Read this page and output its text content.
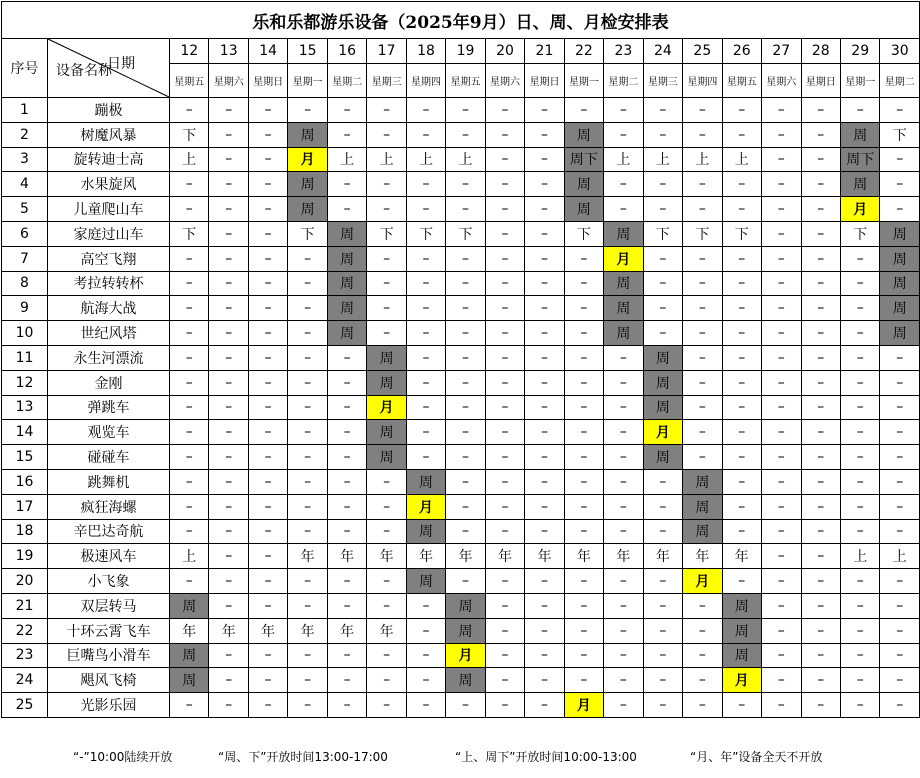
乐和乐都游乐设备（2025年9月）日、周、月检安排表																				
序号	日期
设备名称	12	13	14	15	16	17	18	19	20	21	22	23	24	25	26	27	28	29	30
		星期五	星期六	星期日	星期一	星期二	星期三	星期四	星期五	星期六	星期日	星期一	星期二	星期三	星期四	星期五	星期六	星期日	星期一	星期二
1	蹦极	–	–	–	–	–	–	–	–	–	–	–	–	–	–	–	–	–	–	–
2	树魔风暴	下	–	–	周	–	–	–	–	–	–	周	–	–	–	–	–	–	周	下
3	旋转迪士高	上	–	–	月	上	上	上	上	–	–	周下	上	上	上	上	–	–	周下	–
4	水果旋风	–	–	–	周	–	–	–	–	–	–	周	–	–	–	–	–	–	周	–
5	儿童爬山车	–	–	–	周	–	–	–	–	–	–	周	–	–	–	–	–	–	月	–
6	家庭过山车	下	–	–	下	周	下	下	下	–	–	下	周	下	下	下	–	–	下	周
7	高空飞翔	–	–	–	–	周	–	–	–	–	–	–	月	–	–	–	–	–	–	周
8	考拉转转杯	–	–	–	–	周	–	–	–	–	–	–	周	–	–	–	–	–	–	周
9	航海大战	–	–	–	–	周	–	–	–	–	–	–	周	–	–	–	–	–	–	周
10	世纪风塔	–	–	–	–	周	–	–	–	–	–	–	周	–	–	–	–	–	–	周
11	永生河漂流	–	–	–	–	–	周	–	–	–	–	–	–	周	–	–	–	–	–	–
12	金刚	–	–	–	–	–	周	–	–	–	–	–	–	周	–	–	–	–	–	–
13	弹跳车	–	–	–	–	–	月	–	–	–	–	–	–	周	–	–	–	–	–	–
14	观览车	–	–	–	–	–	周	–	–	–	–	–	–	月	–	–	–	–	–	–
15	碰碰车	–	–	–	–	–	周	–	–	–	–	–	–	周	–	–	–	–	–	–
16	跳舞机	–	–	–	–	–	–	周	–	–	–	–	–	–	周	–	–	–	–	–
17	疯狂海螺	–	–	–	–	–	–	月	–	–	–	–	–	–	周	–	–	–	–	–
18	辛巴达奇航	–	–	–	–	–	–	周	–	–	–	–	–	–	周	–	–	–	–	–
19	极速风车	上	–	–	年	年	年	年	年	年	年	年	年	年	年	年	–	–	上	上
20	小飞象	–	–	–	–	–	–	周	–	–	–	–	–	–	月	–	–	–	–	–
21	双层转马	周	–	–	–	–	–	–	周	–	–	–	–	–	–	周	–	–	–	–
22	十环云霄飞车	年	年	年	年	年	年	–	周	–	–	–	–	–	–	周	–	–	–	–
23	巨嘴鸟小滑车	周	–	–	–	–	–	–	月	–	–	–	–	–	–	周	–	–	–	–
24	飓风飞椅	周	–	–	–	–	–	–	周	–	–	–	–	–	–	月	–	–	–	–
25	光影乐园	–	–	–	–	–	–	–	–	–	–	月	–	–	–	–	–	–	–	–
“-”10:00陆续开放	“周、下”开放时间13:00-17:00	“上、周下”开放时间10:00-13:00	“月、年”设备全天不开放
